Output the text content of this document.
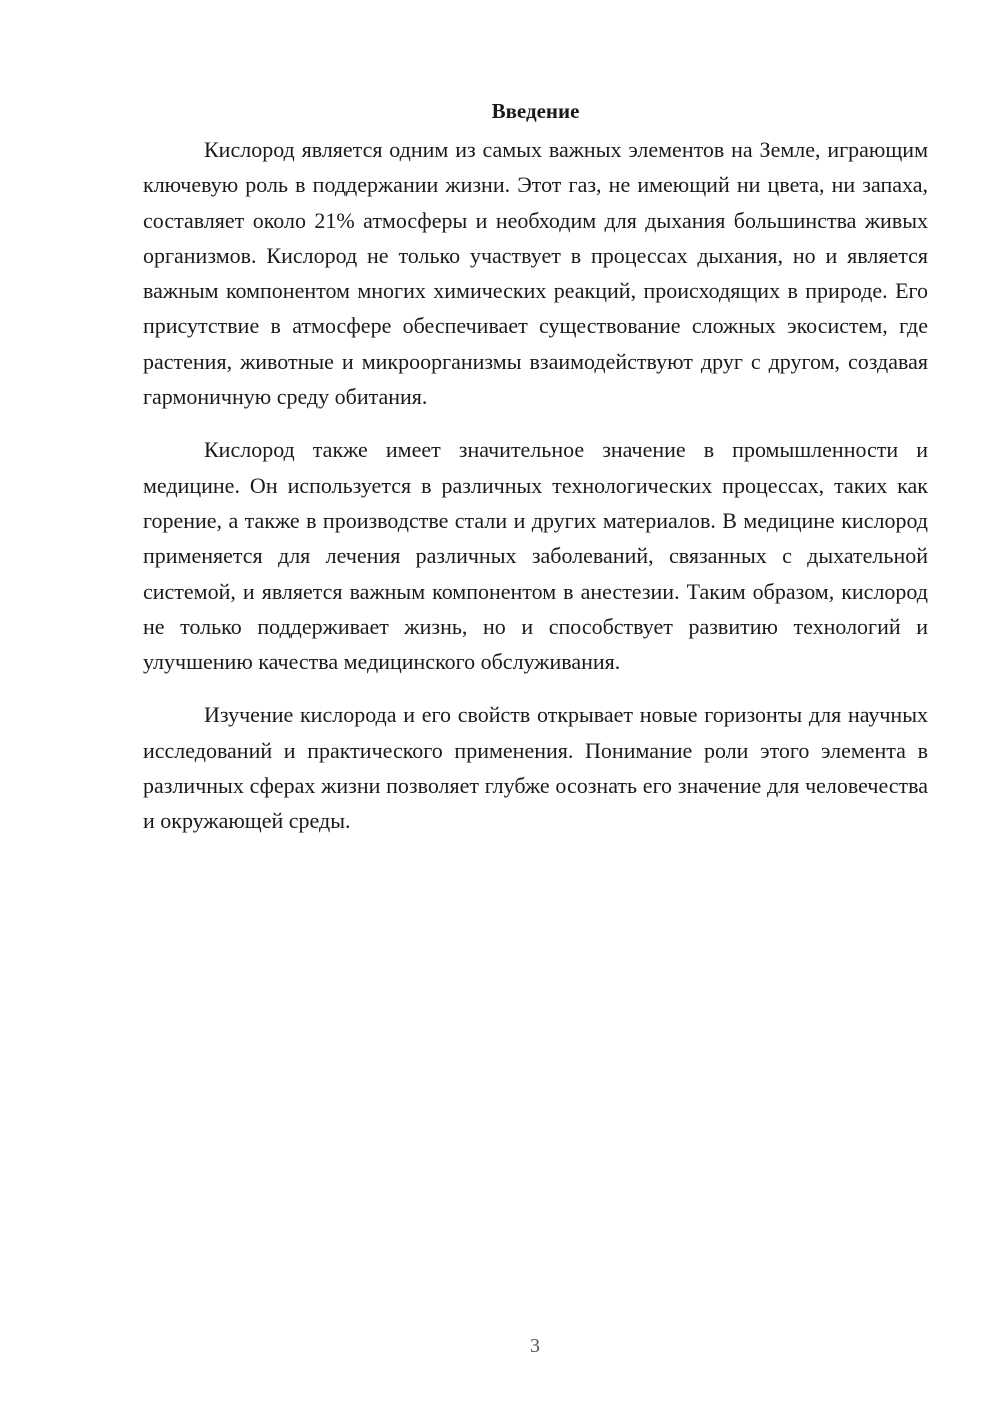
Введение

Кислород является одним из самых важных элементов на Земле, играющим ключевую роль в поддержании жизни. Этот газ, не имеющий ни цвета, ни запаха, составляет около 21% атмосферы и необходим для дыхания большинства живых организмов. Кислород не только участвует в процессах дыхания, но и является важным компонентом многих химических реакций, происходящих в природе. Его присутствие в атмосфере обеспечивает существование сложных экосистем, где растения, животные и микроорганизмы взаимодействуют друг с другом, создавая гармоничную среду обитания.

Кислород также имеет значительное значение в промышленности и медицине. Он используется в различных технологических процессах, таких как горение, а также в производстве стали и других материалов. В медицине кислород применяется для лечения различных заболеваний, связанных с дыхательной системой, и является важным компонентом в анестезии. Таким образом, кислород не только поддерживает жизнь, но и способствует развитию технологий и улучшению качества медицинского обслуживания.

Изучение кислорода и его свойств открывает новые горизонты для научных исследований и практического применения. Понимание роли этого элемента в различных сферах жизни позволяет глубже осознать его значение для человечества и окружающей среды.

3
